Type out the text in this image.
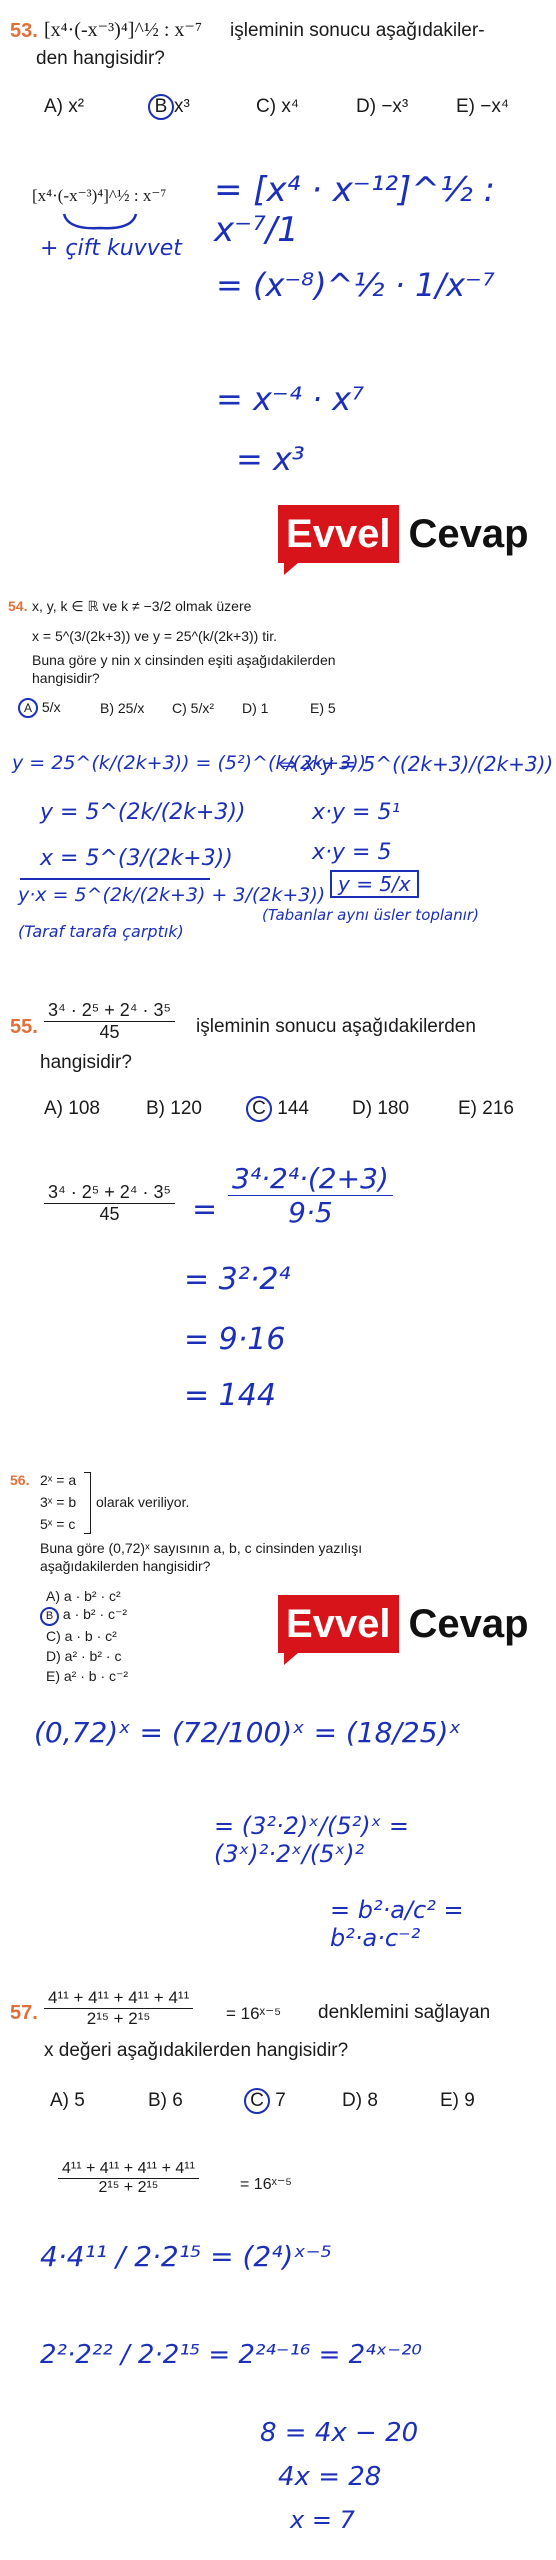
53. [x⁴·(-x⁻³)⁴]^½ : x⁻⁷ işleminin sonucu aşağıdakiler-
den hangisidir?
A) x²	B x³	C) x⁴	D) −x³	E) −x⁴
[x⁴·(-x⁻³)⁴]^½ : x⁻⁷ = [x⁴ · x⁻¹²]^½ : x⁻⁷/1
+ çift kuvvet
= (x⁻⁸)^½ · 1/x⁻⁷
= x⁻⁴ · x⁷
= x³
Evvel Cevap
54. x, y, k ∈ ℝ ve k ≠ −3/2 olmak üzere
x = 5^(3/(2k+3)) ve y = 25^(k/(2k+3)) tir.
Buna göre y nin x cinsinden eşiti aşağıdakilerden
hangisidir?
A 5/x	B) 25/x C) 5/x² D) 1	E) 5
y = 25^(k/(2k+3)) = (5²)^(k/(2k+3))
y = 5^(2k/(2k+3))
x = 5^(3/(2k+3))
y·x = 5^(2k/(2k+3) + 3/(2k+3))
(Taraf tarafa çarptık)
⇒ x·y = 5^((2k+3)/(2k+3))
x·y = 5¹
x·y = 5
y = 5/x
(Tabanlar aynı üsler toplanır)
55. $\frac{\text{3⁴ · 2⁵ + 2⁴ · 3⁵}}{45}$ işleminin sonucu aşağıdakilerden
hangisidir?
A) 108 B) 120	C 144 D) 180	E) 216
$\frac{\text{3⁴ · 2⁵ + 2⁴ · 3⁵}}{45} = \frac{\text{3⁴·2⁴·(2+3)}}{9\cdot 5}$
= 3²·2⁴
= 9·16
= 144
56. 2ˣ = a
3ˣ = b
5ˣ = c
olarak veriliyor.
Buna göre (0,72)ˣ sayısının a, b, c cinsinden yazılışı
aşağıdakilerden hangisidir?
A) a · b² · c²
B a · b² · c⁻²
C) a · b · c²
D) a² · b² · c
E) a² · b · c⁻²
Evvel Cevap
(0,72)ˣ = (72/100)ˣ = (18/25)ˣ
= (3²·2)ˣ/(5²)ˣ = (3ˣ)²·2ˣ/(5ˣ)²
= b²·a/c² = b²·a·c⁻²
57. $\frac{\text{4¹¹ + 4¹¹ + 4¹¹ + 4¹¹}}{\text{2¹⁵ + 2¹⁵}}$ = 16ˣ⁻⁵ denklemini sağlayan
x değeri aşağıdakilerden hangisidir?
A) 5	B) 6	C 7	D) 8	E) 9
$\frac{\text{4¹¹ + 4¹¹ + 4¹¹ + 4¹¹}}{\text{2¹⁵ + 2¹⁵}}$	= 16ˣ⁻⁵
4·4¹¹ / 2·2¹⁵ = (2⁴)ˣ⁻⁵
2²·2²² / 2·2¹⁵ = 2²⁴⁻¹⁶ = 2⁴ˣ⁻²⁰
8 = 4x − 20
4x = 28
x = 7
